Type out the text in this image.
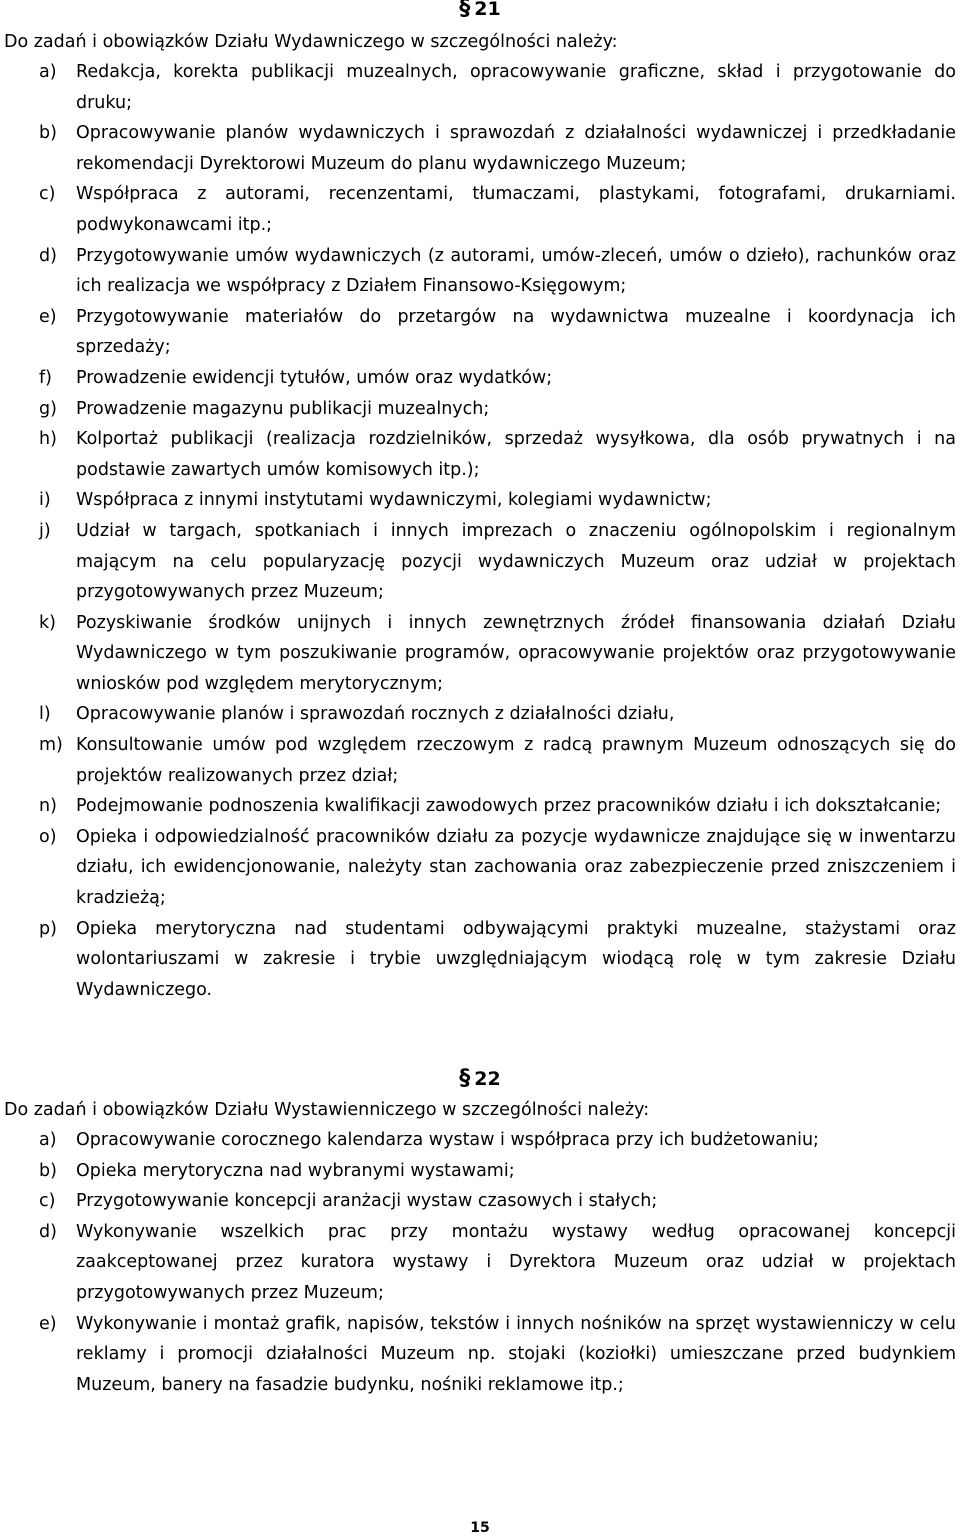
§ 21
Do zadań i obowiązków Działu Wydawniczego w szczególności należy:
a) Redakcja, korekta publikacji muzealnych, opracowywanie graficzne, skład i przygotowanie do druku;
b) Opracowywanie planów wydawniczych i sprawozdań z działalności wydawniczej i przedkładanie rekomendacji Dyrektorowi Muzeum do planu wydawniczego Muzeum;
c) Współpraca z autorami, recenzentami, tłumaczami, plastykami, fotografami, drukarniami. podwykonawcami itp.;
d) Przygotowywanie umów wydawniczych (z autorami, umów-zleceń, umów o dzieło), rachunków oraz ich realizacja we współpracy z Działem Finansowo-Księgowym;
e) Przygotowywanie materiałów do przetargów na wydawnictwa muzealne i koordynacja ich sprzedaży;
f) Prowadzenie ewidencji tytułów, umów oraz wydatków;
g) Prowadzenie magazynu publikacji muzealnych;
h) Kolportaż publikacji (realizacja rozdzielników, sprzedaż wysyłkowa, dla osób prywatnych i na podstawie zawartych umów komisowych itp.);
i) Współpraca z innymi instytutami wydawniczymi, kolegiami wydawnictw;
j) Udział w targach, spotkaniach i innych imprezach o znaczeniu ogólnopolskim i regionalnym mającym na celu popularyzację pozycji wydawniczych Muzeum oraz udział w projektach przygotowywanych przez Muzeum;
k) Pozyskiwanie środków unijnych i innych zewnętrznych źródeł finansowania działań Działu Wydawniczego w tym poszukiwanie programów, opracowywanie projektów oraz przygotowywanie wniosków pod względem merytorycznym;
l) Opracowywanie planów i sprawozdań rocznych z działalności działu,
m) Konsultowanie umów pod względem rzeczowym z radcą prawnym Muzeum odnoszących się do projektów realizowanych przez dział;
n) Podejmowanie podnoszenia kwalifikacji zawodowych przez pracowników działu i ich dokształcanie;
o) Opieka i odpowiedzialność pracowników działu za pozycje wydawnicze znajdujące się w inwentarzu działu, ich ewidencjonowanie, należyty stan zachowania oraz zabezpieczenie przed zniszczeniem i kradzieżą;
p) Opieka merytoryczna nad studentami odbywającymi praktyki muzealne, stażystami oraz wolontariuszami w zakresie i trybie uwzględniającym wiodącą rolę w tym zakresie Działu Wydawniczego.
§ 22
Do zadań i obowiązków Działu Wystawienniczego w szczególności należy:
a) Opracowywanie corocznego kalendarza wystaw i współpraca przy ich budżetowaniu;
b) Opieka merytoryczna nad wybranymi wystawami;
c) Przygotowywanie koncepcji aranżacji wystaw czasowych i stałych;
d) Wykonywanie wszelkich prac przy montażu wystawy według opracowanej koncepcji zaakceptowanej przez kuratora wystawy i Dyrektora Muzeum oraz udział w projektach przygotowywanych przez Muzeum;
e) Wykonywanie i montaż grafik, napisów, tekstów i innych nośników na sprzęt wystawienniczy w celu reklamy i promocji działalności Muzeum np. stojaki (koziołki) umieszczane przed budynkiem Muzeum, banery na fasadzie budynku, nośniki reklamowe itp.;
15
